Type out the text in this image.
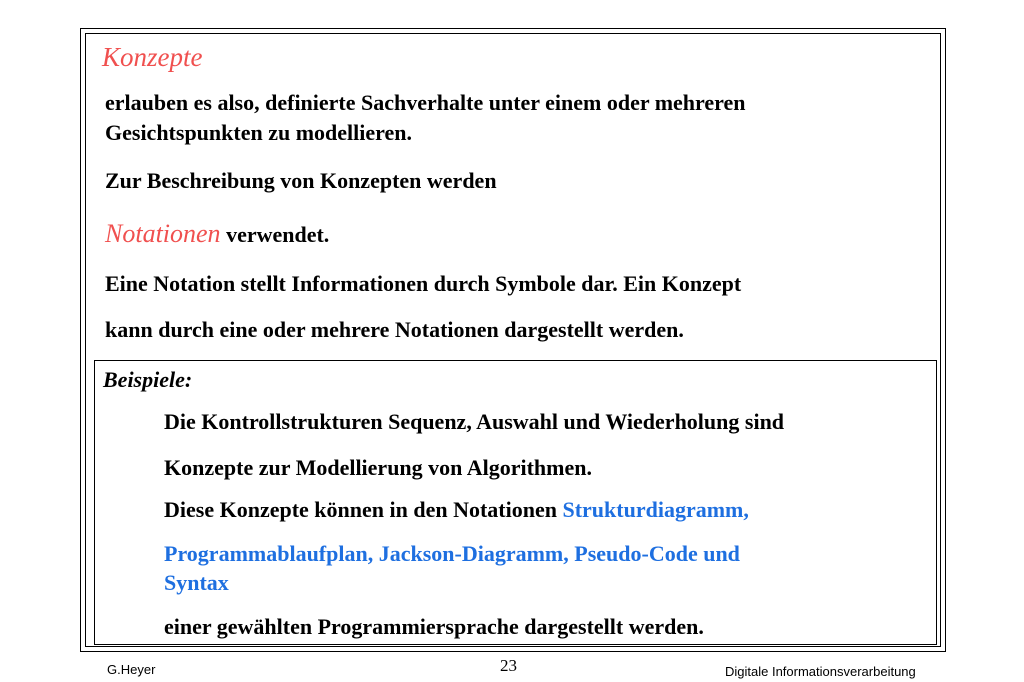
Konzepte
erlauben es also, definierte Sachverhalte unter einem oder mehreren
Gesichtspunkten zu modellieren.
Zur Beschreibung von Konzepten werden
Notationen verwendet.
Eine Notation stellt Informationen durch Symbole dar. Ein Konzept
kann durch eine oder mehrere Notationen dargestellt werden.
Beispiele:
Die Kontrollstrukturen Sequenz, Auswahl und Wiederholung sind
Konzepte zur Modellierung von Algorithmen.
Diese Konzepte können in den Notationen Strukturdiagramm,
Programmablaufplan, Jackson-Diagramm, Pseudo-Code und
Syntax
einer gewählten Programmiersprache dargestellt werden.
G.Heyer	23	Digitale Informationsverarbeitung
